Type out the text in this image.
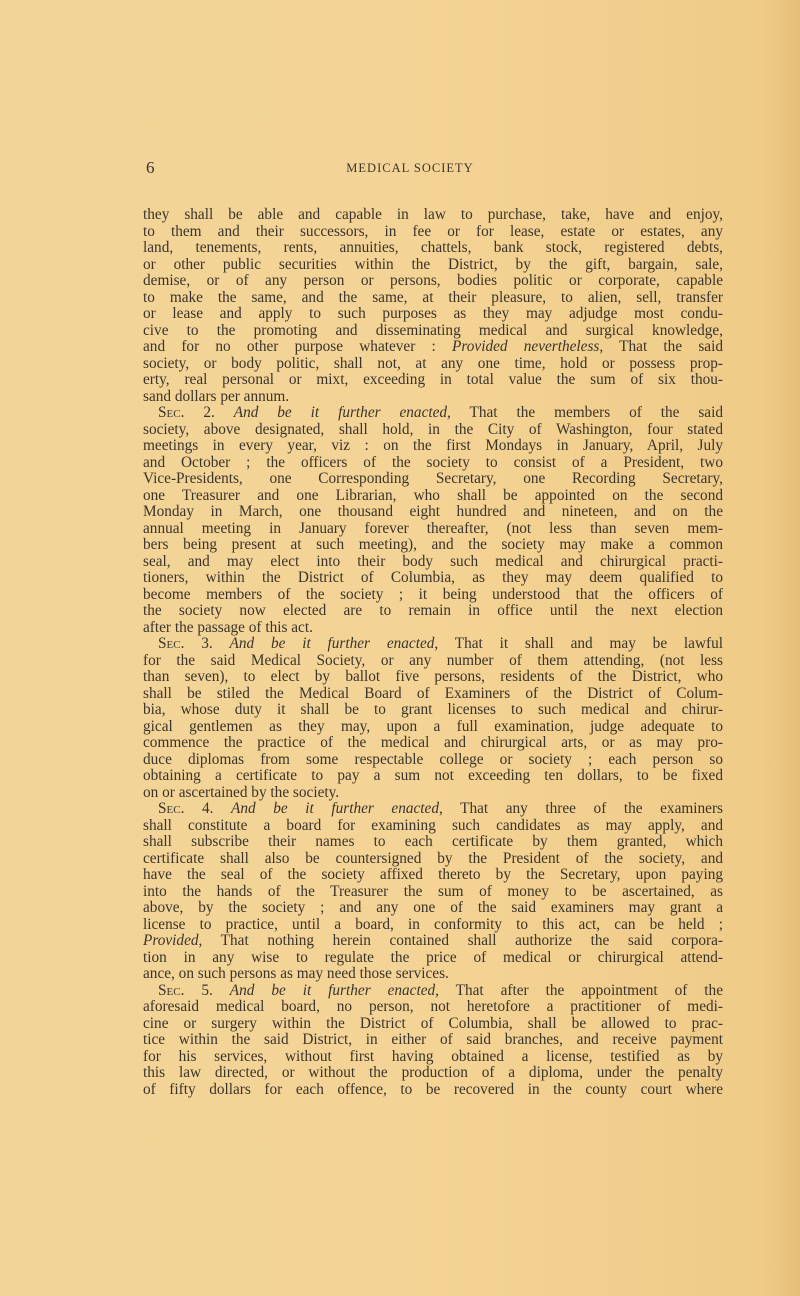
6	MEDICAL SOCIETY
they shall be able and capable in law to purchase, take, have and enjoy,
to them and their successors, in fee or for lease, estate or estates, any
land, tenements, rents, annuities, chattels, bank stock, registered debts,
or other public securities within the District, by the gift, bargain, sale,
demise, or of any person or persons, bodies politic or corporate, capable
to make the same, and the same, at their pleasure, to alien, sell, transfer
or lease and apply to such purposes as they may adjudge most condu-
cive to the promoting and disseminating medical and surgical knowledge,
and for no other purpose whatever : Provided nevertheless, That the said
society, or body politic, shall not, at any one time, hold or possess prop-
erty, real personal or mixt, exceeding in total value the sum of six thou-
sand dollars per annum.
Sec. 2. And be it further enacted, That the members of the said
society, above designated, shall hold, in the City of Washington, four stated
meetings in every year, viz : on the first Mondays in January, April, July
and October ; the officers of the society to consist of a President, two
Vice-Presidents, one Corresponding Secretary, one Recording Secretary,
one Treasurer and one Librarian, who shall be appointed on the second
Monday in March, one thousand eight hundred and nineteen, and on the
annual meeting in January forever thereafter, (not less than seven mem-
bers being present at such meeting), and the society may make a common
seal, and may elect into their body such medical and chirurgical practi-
tioners, within the District of Columbia, as they may deem qualified to
become members of the society ; it being understood that the officers of
the society now elected are to remain in office until the next election
after the passage of this act.
Sec. 3. And be it further enacted, That it shall and may be lawful
for the said Medical Society, or any number of them attending, (not less
than seven), to elect by ballot five persons, residents of the District, who
shall be stiled the Medical Board of Examiners of the District of Colum-
bia, whose duty it shall be to grant licenses to such medical and chirur-
gical gentlemen as they may, upon a full examination, judge adequate to
commence the practice of the medical and chirurgical arts, or as may pro-
duce diplomas from some respectable college or society ; each person so
obtaining a certificate to pay a sum not exceeding ten dollars, to be fixed
on or ascertained by the society.
Sec. 4. And be it further enacted, That any three of the examiners
shall constitute a board for examining such candidates as may apply, and
shall subscribe their names to each certificate by them granted, which
certificate shall also be countersigned by the President of the society, and
have the seal of the society affixed thereto by the Secretary, upon paying
into the hands of the Treasurer the sum of money to be ascertained, as
above, by the society ; and any one of the said examiners may grant a
license to practice, until a board, in conformity to this act, can be held ;
Provided, That nothing herein contained shall authorize the said corpora-
tion in any wise to regulate the price of medical or chirurgical attend-
ance, on such persons as may need those services.
Sec. 5. And be it further enacted, That after the appointment of the
aforesaid medical board, no person, not heretofore a practitioner of medi-
cine or surgery within the District of Columbia, shall be allowed to prac-
tice within the said District, in either of said branches, and receive payment
for his services, without first having obtained a license, testified as by
this law directed, or without the production of a diploma, under the penalty
of fifty dollars for each offence, to be recovered in the county court where
